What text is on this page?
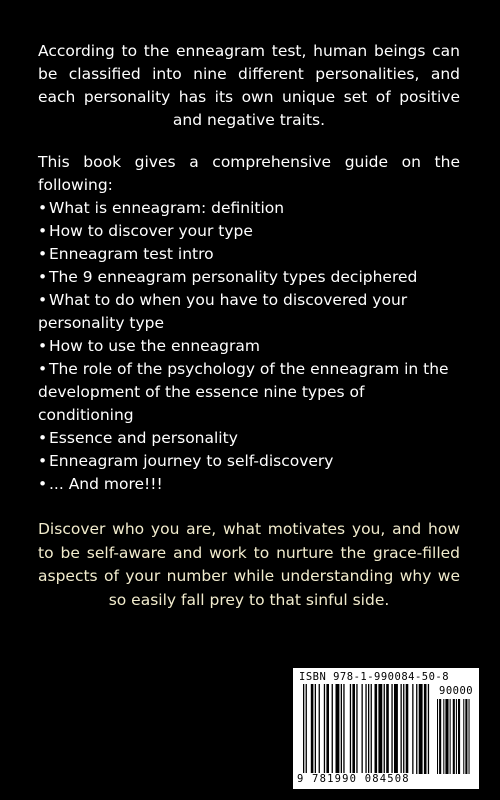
According to the enneagram test, human beings can be classified into nine different personalities, and each personality has its own unique set of positive and negative traits.

This book gives a comprehensive guide on the following:

• What is enneagram: definition
• How to discover your type
• Enneagram test intro
• The 9 enneagram personality types deciphered
• What to do when you have to discovered your personality type
• How to use the enneagram
• The role of the psychology of the enneagram in the development of the essence nine types of conditioning
• Essence and personality
• Enneagram journey to self-discovery
• ... And more!!!

Discover who you are, what motivates you, and how to be self-aware and work to nurture the grace-filled aspects of your number while understanding why we so easily fall prey to that sinful side.

ISBN 978-1-990084-50-8
90000
9 781990 084508
